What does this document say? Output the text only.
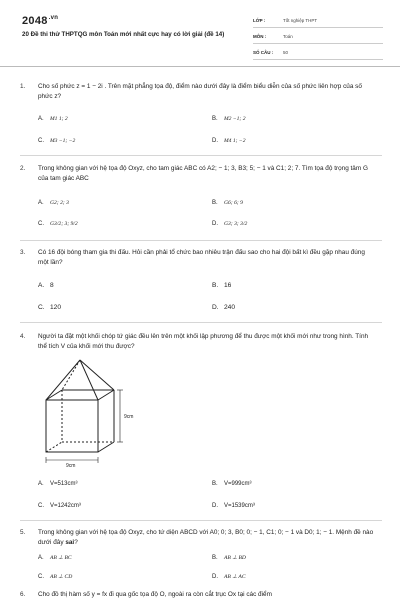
$2048^{.vn}$
20 Đề thi thử THPTQG môn Toán mới nhất cực hay có lời giải (đề 14)
LỚP :	Tốt nghiệp THPT
MÔN :	Toán
SỐ CÂU : 50
1. Cho số phức z = 1 − 2i . Trên mặt phẳng tọa độ, điểm nào dưới đây là điểm biểu diễn của số phức liên hợp của số phức z?
A. M1 1; 2	B. M2 −1; 2
C. M3 −1; −2	D. M4 1; −2
2. Trong không gian với hệ tọa độ Oxyz, cho tam giác ABC có A2; − 1; 3, B3; 5; − 1 và C1; 2; 7. Tìm tọa độ trọng tâm G của tam giác ABC
A. G2; 2; 3	B. G6; 6; 9
C. G3/2; 3; 9/2	D. G3; 3; 3/2
3. Có 16 đội bóng tham gia thi đấu. Hỏi cần phải tổ chức bao nhiêu trận đấu sao cho hai đội bất kì đều gặp nhau đúng một lần?
A. 8	B. 16
C. 120	D. 240
4. Người ta đặt một khối chóp tứ giác đều lên trên một khối lập phương để thu được một khối mới như trong hình. Tính thể tích V của khối mới thu được?
9cm
9cm
A. V=513cm³	B. V=999cm³
C. V=1242cm³	D. V=1539cm³
5. Trong không gian với hệ tọa độ Oxyz, cho tứ diện ABCD với A0; 0; 3, B0; 0; − 1, C1; 0; − 1 và D0; 1; − 1. Mệnh đề nào dưới đây sai?
A. AB ⊥ BC	B. AB ⊥ BD
C. AB ⊥ CD	D. AB ⊥ AC
6. Cho đồ thị hàm số y = fx đi qua gốc tọa độ O, ngoài ra còn cắt trục Ox tại các điểm
